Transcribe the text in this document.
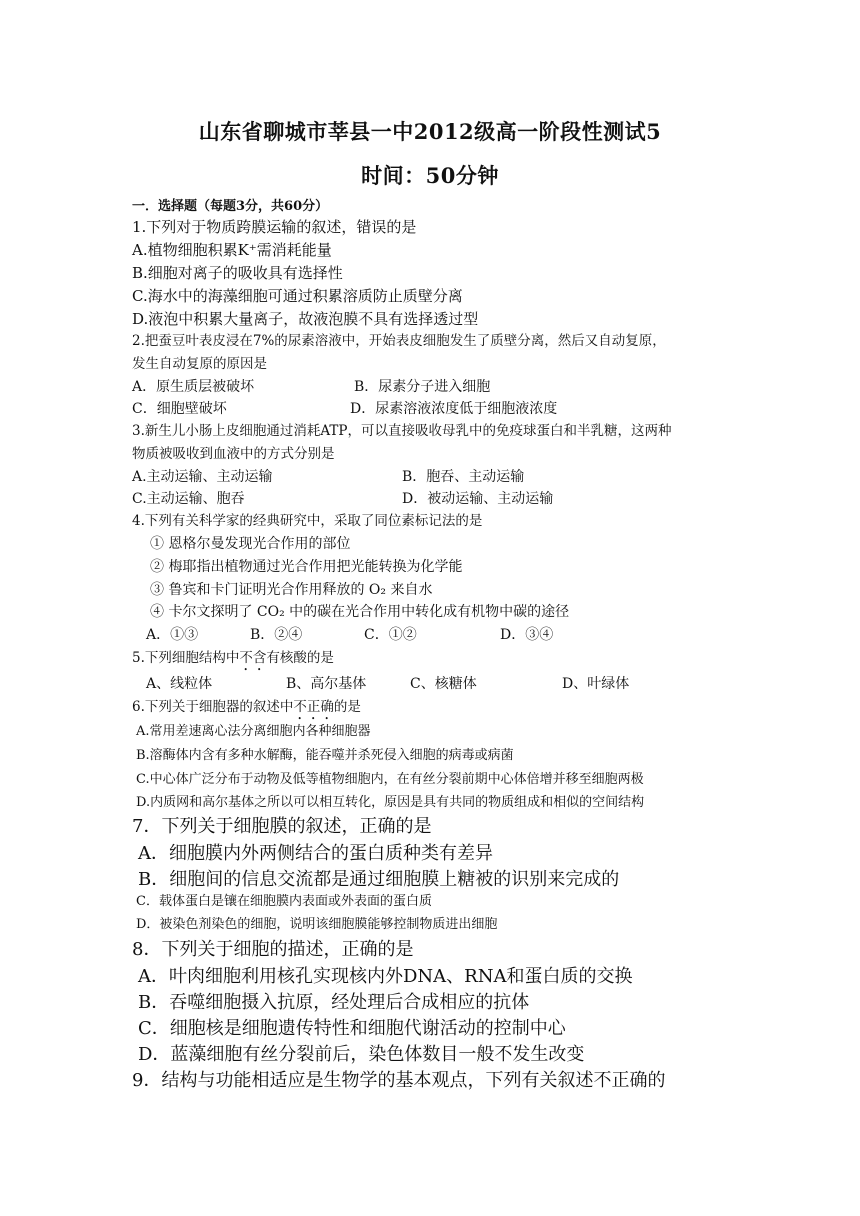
山东省聊城市莘县一中2012级高一阶段性测试5
时间：50分钟
一．选择题（每题3分，共60分）
1.下列对于物质跨膜运输的叙述，错误的是
A.植物细胞积累K⁺需消耗能量
B.细胞对离子的吸收具有选择性
C.海水中的海藻细胞可通过积累溶质防止质壁分离
D.液泡中积累大量离子，故液泡膜不具有选择透过型
2.把蚕豆叶表皮浸在7%的尿素溶液中，开始表皮细胞发生了质壁分离，然后又自动复原，
发生自动复原的原因是
A．原生质层被破坏	B．尿素分子进入细胞
C．细胞壁破坏	D．尿素溶液浓度低于细胞液浓度
3.新生儿小肠上皮细胞通过消耗ATP，可以直接吸收母乳中的免疫球蛋白和半乳糖，这两种
物质被吸收到血液中的方式分别是
A.主动运输、主动运输	B．胞吞、主动运输
C.主动运输、胞吞	D．被动运输、主动运输
4.下列有关科学家的经典研究中，采取了同位素标记法的是
① 恩格尔曼发现光合作用的部位
② 梅耶指出植物通过光合作用把光能转换为化学能
③ 鲁宾和卡门证明光合作用释放的 O₂ 来自水
④ 卡尔文探明了 CO₂ 中的碳在光合作用中转化成有机物中碳的途径
A．①③	B．②④	C．①②	D．③④
5.下列细胞结构中不含有核酸的是
A、线粒体	B、高尔基体	C、核糖体	D、叶绿体
6.下列关于细胞器的叙述中不正确的是
A.常用差速离心法分离细胞内各种细胞器
B.溶酶体内含有多种水解酶，能吞噬并杀死侵入细胞的病毒或病菌
C.中心体广泛分布于动物及低等植物细胞内，在有丝分裂前期中心体倍增并移至细胞两极
D.内质网和高尔基体之所以可以相互转化，原因是具有共同的物质组成和相似的空间结构
7．下列关于细胞膜的叙述，正确的是
A．细胞膜内外两侧结合的蛋白质种类有差异
B．细胞间的信息交流都是通过细胞膜上糖被的识别来完成的
C．载体蛋白是镶在细胞膜内表面或外表面的蛋白质
D．被染色剂染色的细胞，说明该细胞膜能够控制物质进出细胞
8．下列关于细胞的描述，正确的是
A．叶肉细胞利用核孔实现核内外DNA、RNA和蛋白质的交换
B．吞噬细胞摄入抗原，经处理后合成相应的抗体
C．细胞核是细胞遗传特性和细胞代谢活动的控制中心
D．蓝藻细胞有丝分裂前后，染色体数目一般不发生改变
9．结构与功能相适应是生物学的基本观点，下列有关叙述不正确的
